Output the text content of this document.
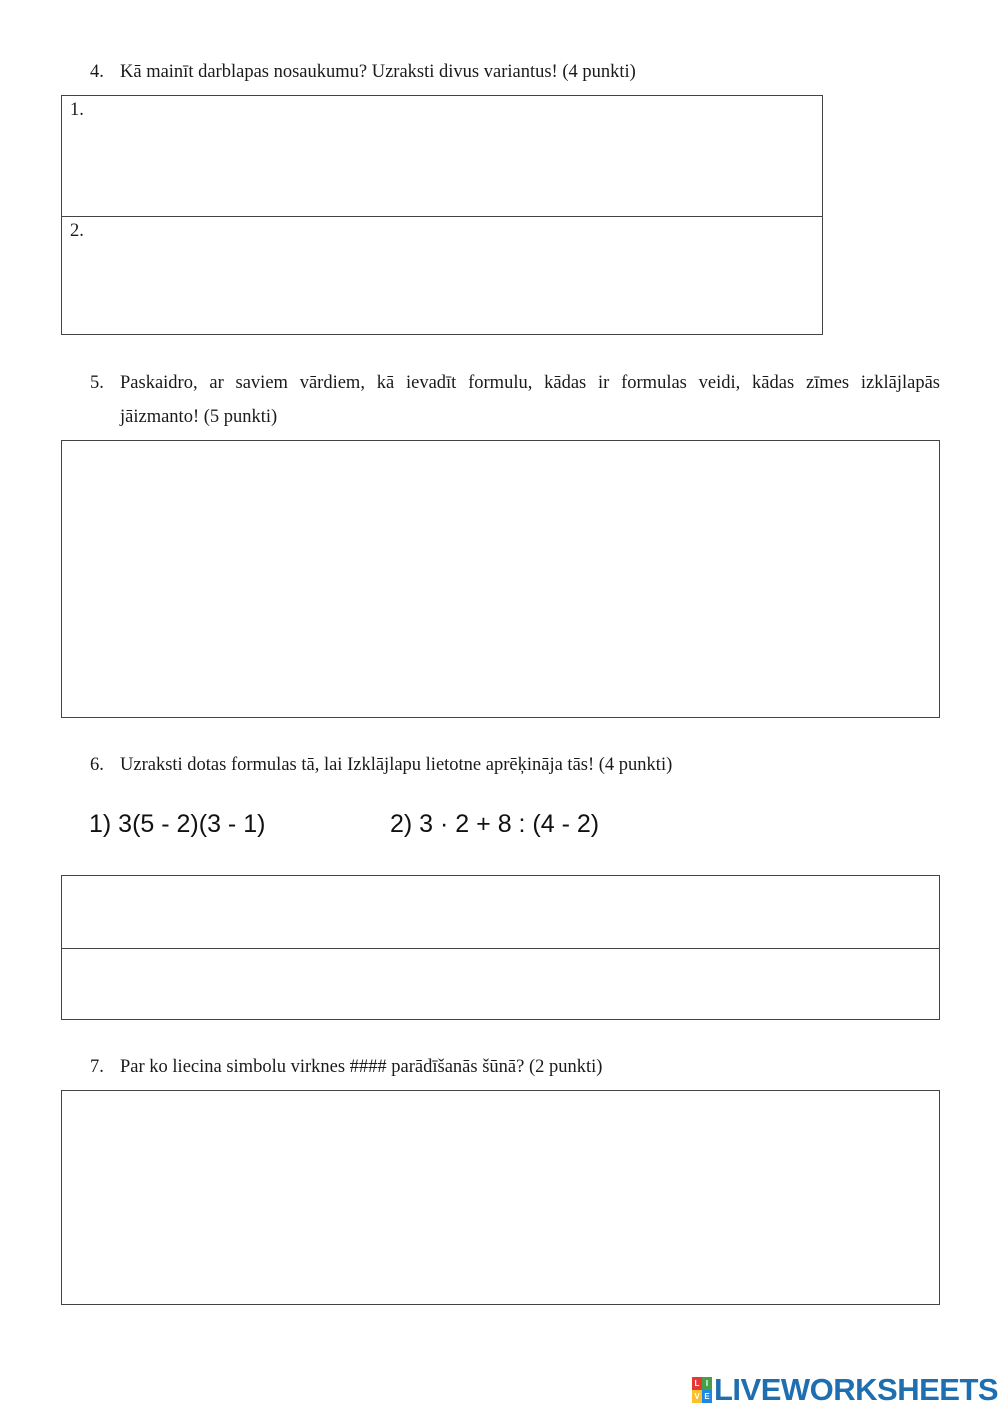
4. Kā mainīt darblapas nosaukumu? Uzraksti divus variantus! (4 punkti)
1.
2.
5. Paskaidro, ar saviem vārdiem, kā ievadīt formulu, kādas ir formulas veidi, kādas zīmes izklājlapās
jāizmanto! (5 punkti)
6. Uzraksti dotas formulas tā, lai Izklājlapu lietotne aprēķināja tās! (4 punkti)
1) 3(5 - 2)(3 - 1)	2) 3 · 2 + 8 : (4 - 2)
7. Par ko liecina simbolu virknes #### parādīšanās šūnā? (2 punkti)
L I
V E LIVEWORKSHEETS
